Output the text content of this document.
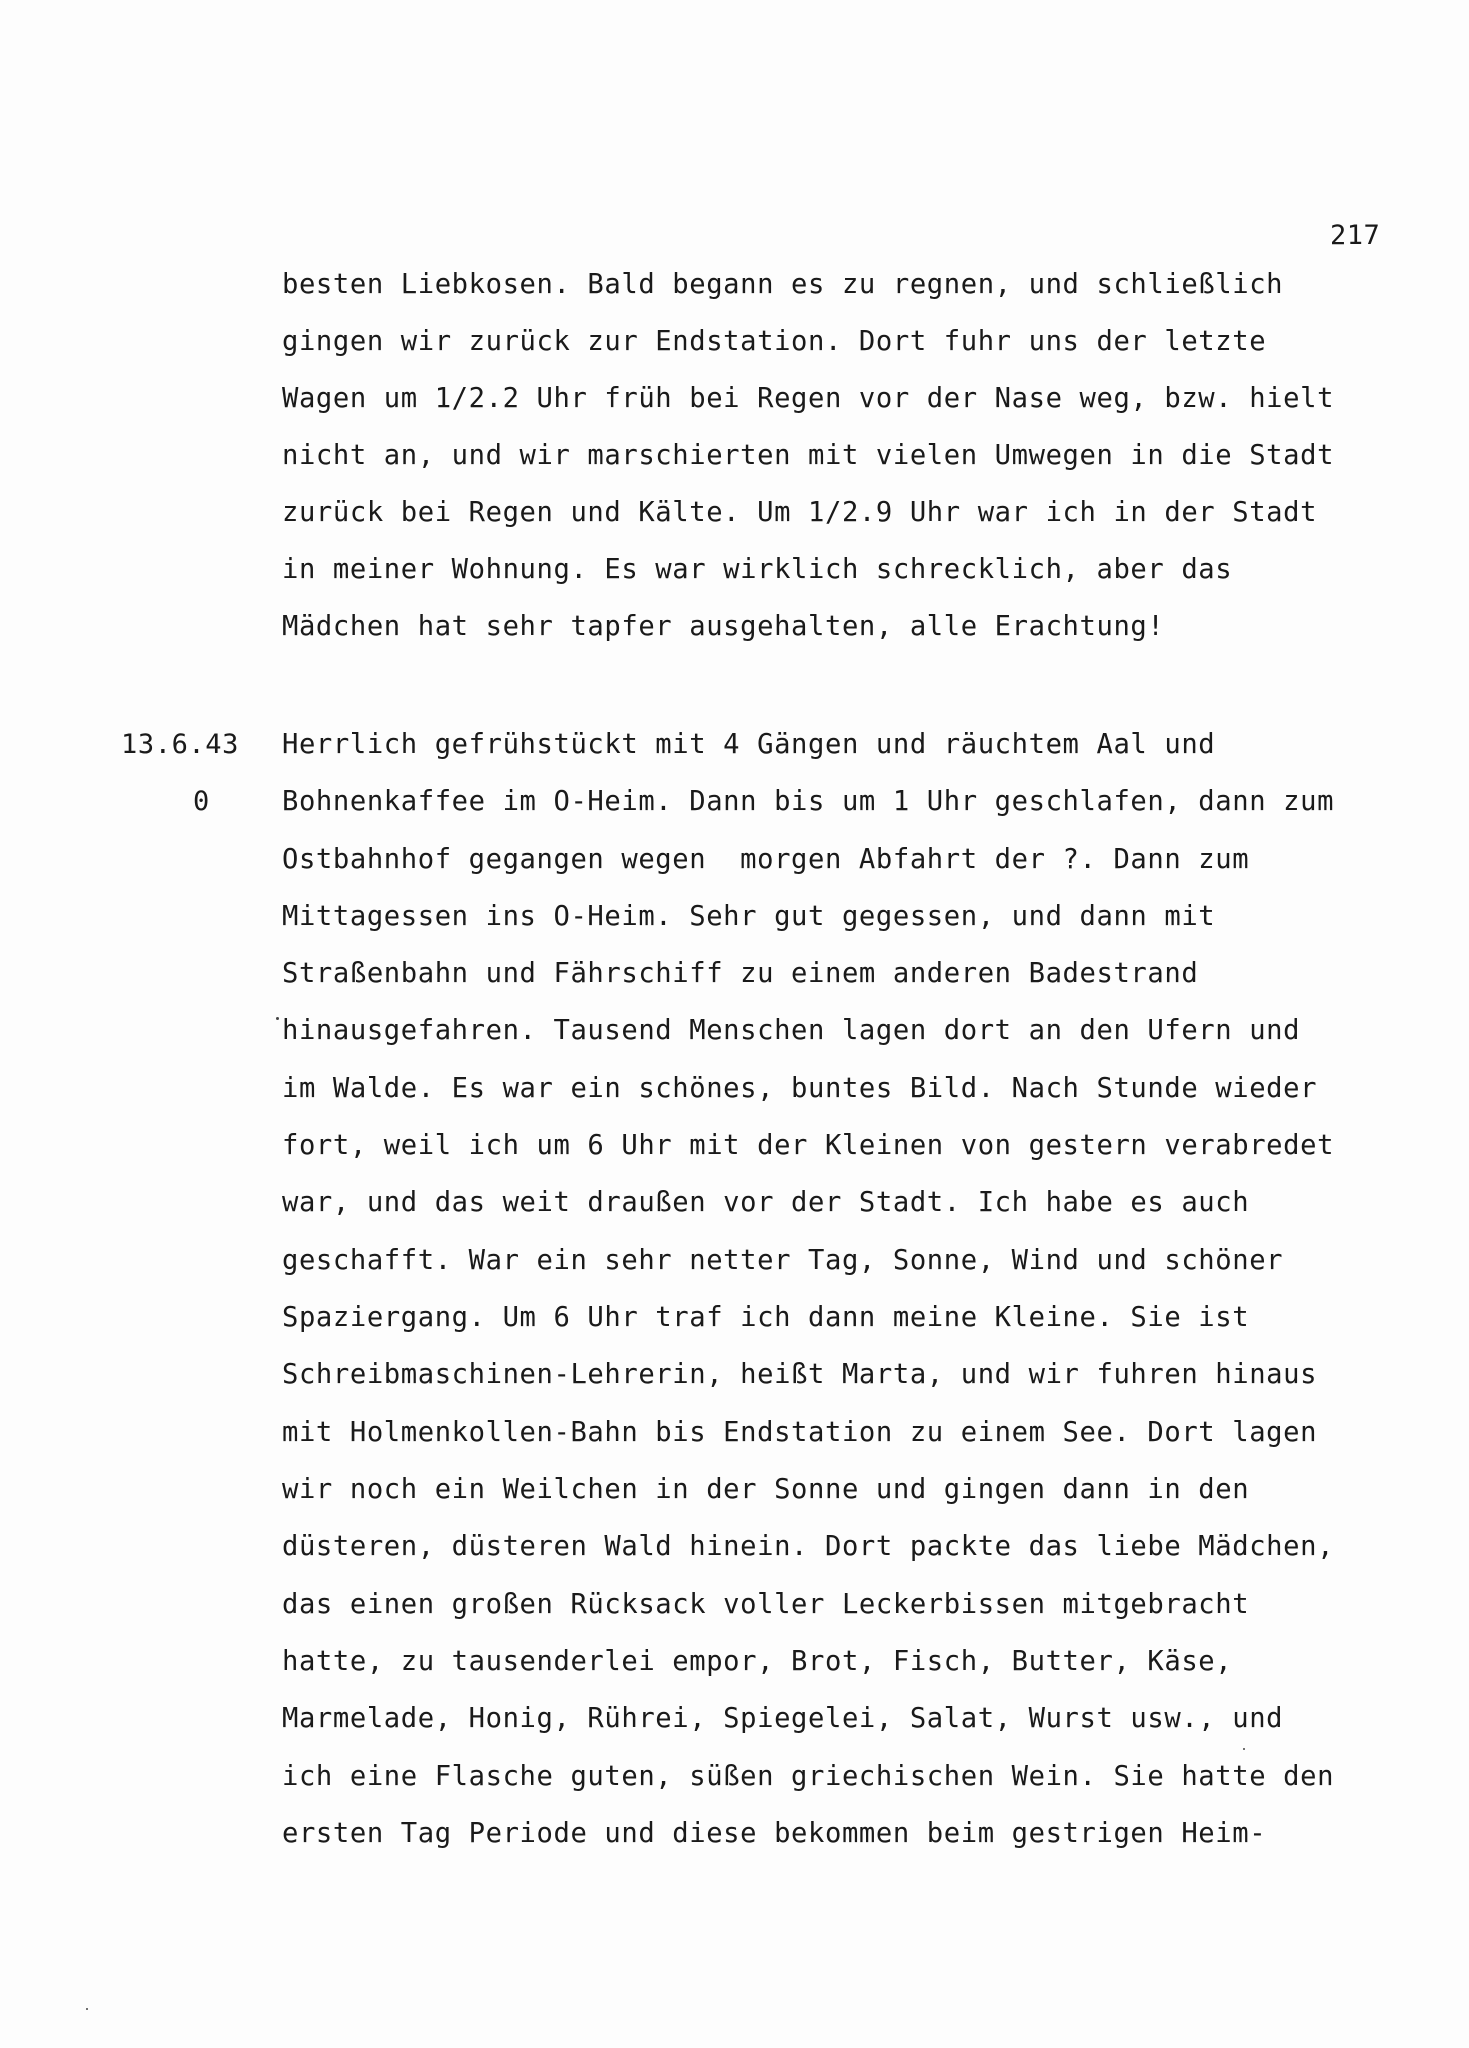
217
besten Liebkosen. Bald begann es zu regnen, und schließlich
gingen wir zurück zur Endstation. Dort fuhr uns der letzte
Wagen um 1/2.2 Uhr früh bei Regen vor der Nase weg, bzw. hielt
nicht an, und wir marschierten mit vielen Umwegen in die Stadt
zurück bei Regen und Kälte. Um 1/2.9 Uhr war ich in der Stadt
in meiner Wohnung. Es war wirklich schrecklich, aber das
Mädchen hat sehr tapfer ausgehalten, alle Erachtung!
13.6.43
0
Herrlich gefrühstückt mit 4 Gängen und räuchtem Aal und
Bohnenkaffee im O-Heim. Dann bis um 1 Uhr geschlafen, dann zum
Ostbahnhof gegangen wegen  morgen Abfahrt der ?. Dann zum
Mittagessen ins O-Heim. Sehr gut gegessen, und dann mit
Straßenbahn und Fährschiff zu einem anderen Badestrand
hinausgefahren. Tausend Menschen lagen dort an den Ufern und
im Walde. Es war ein schönes, buntes Bild. Nach Stunde wieder
fort, weil ich um 6 Uhr mit der Kleinen von gestern verabredet
war, und das weit draußen vor der Stadt. Ich habe es auch
geschafft. War ein sehr netter Tag, Sonne, Wind und schöner
Spaziergang. Um 6 Uhr traf ich dann meine Kleine. Sie ist
Schreibmaschinen-Lehrerin, heißt Marta, und wir fuhren hinaus
mit Holmenkollen-Bahn bis Endstation zu einem See. Dort lagen
wir noch ein Weilchen in der Sonne und gingen dann in den
düsteren, düsteren Wald hinein. Dort packte das liebe Mädchen,
das einen großen Rücksack voller Leckerbissen mitgebracht
hatte, zu tausenderlei empor, Brot, Fisch, Butter, Käse,
Marmelade, Honig, Rührei, Spiegelei, Salat, Wurst usw., und
ich eine Flasche guten, süßen griechischen Wein. Sie hatte den
ersten Tag Periode und diese bekommen beim gestrigen Heim-
